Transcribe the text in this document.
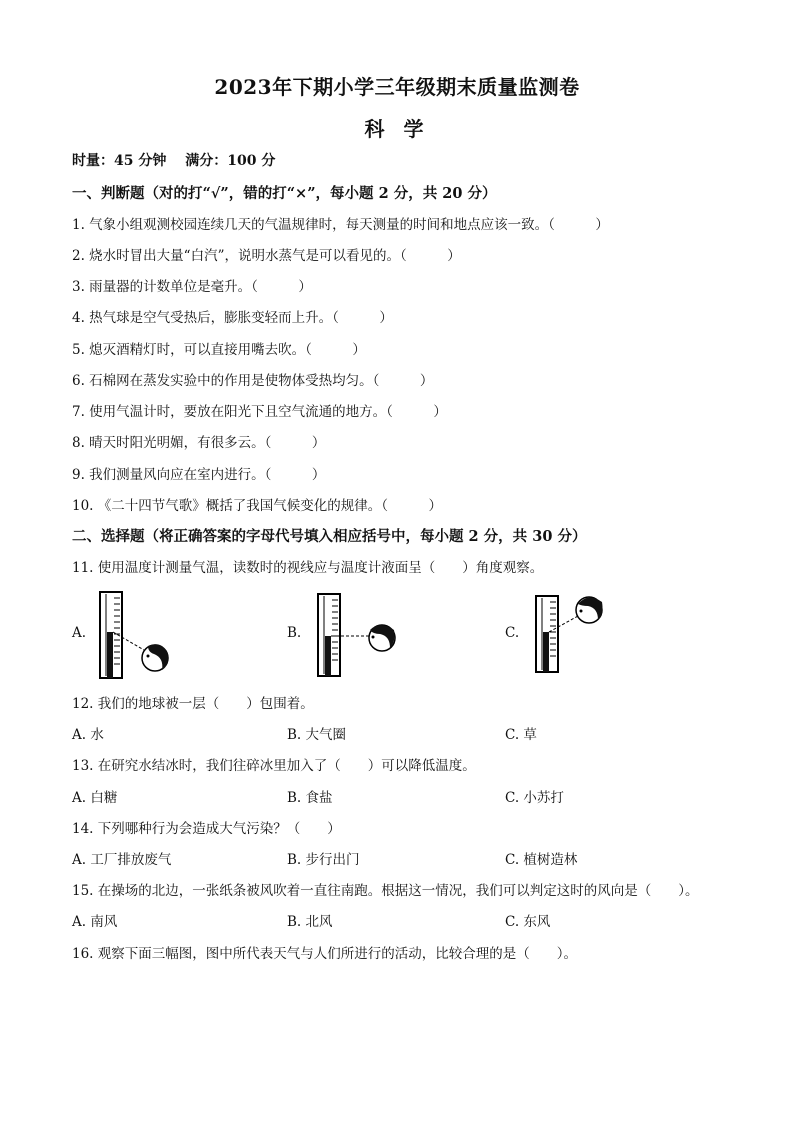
2023年下期小学三年级期末质量监测卷
科 学
时量：45 分钟　 满分：100 分
一、判断题（对的打“√”，错的打“×”，每小题 2 分，共 20 分）
1. 气象小组观测校园连续几天的气温规律时，每天测量的时间和地点应该一致。（　　　）
2. 烧水时冒出大量“白汽”，说明水蒸气是可以看见的。（　　　）
3. 雨量器的计数单位是毫升。（　　　）
4. 热气球是空气受热后，膨胀变轻而上升。（　　　）
5. 熄灭酒精灯时，可以直接用嘴去吹。（　　　）
6. 石棉网在蒸发实验中的作用是使物体受热均匀。（　　　）
7. 使用气温计时，要放在阳光下且空气流通的地方。（　　　）
8. 晴天时阳光明媚，有很多云。（　　　）
9. 我们测量风向应在室内进行。（　　　）
10. 《二十四节气歌》概括了我国气候变化的规律。（　　　）
二、选择题（将正确答案的字母代号填入相应括号中，每小题 2 分，共 30 分）
11. 使用温度计测量气温，读数时的视线应与温度计液面呈（　　）角度观察。
A.	B.	C.
12. 我们的地球被一层（　　）包围着。
A. 水	B. 大气圈	C. 草
13. 在研究水结冰时，我们往碎冰里加入了（　　）可以降低温度。
A. 白糖	B. 食盐	C. 小苏打
14. 下列哪种行为会造成大气污染？（　　）
A. 工厂排放废气	B. 步行出门	C. 植树造林
15. 在操场的北边，一张纸条被风吹着一直往南跑。根据这一情况，我们可以判定这时的风向是（　　）。
A. 南风	B. 北风	C. 东风
16. 观察下面三幅图，图中所代表天气与人们所进行的活动，比较合理的是（　　）。
